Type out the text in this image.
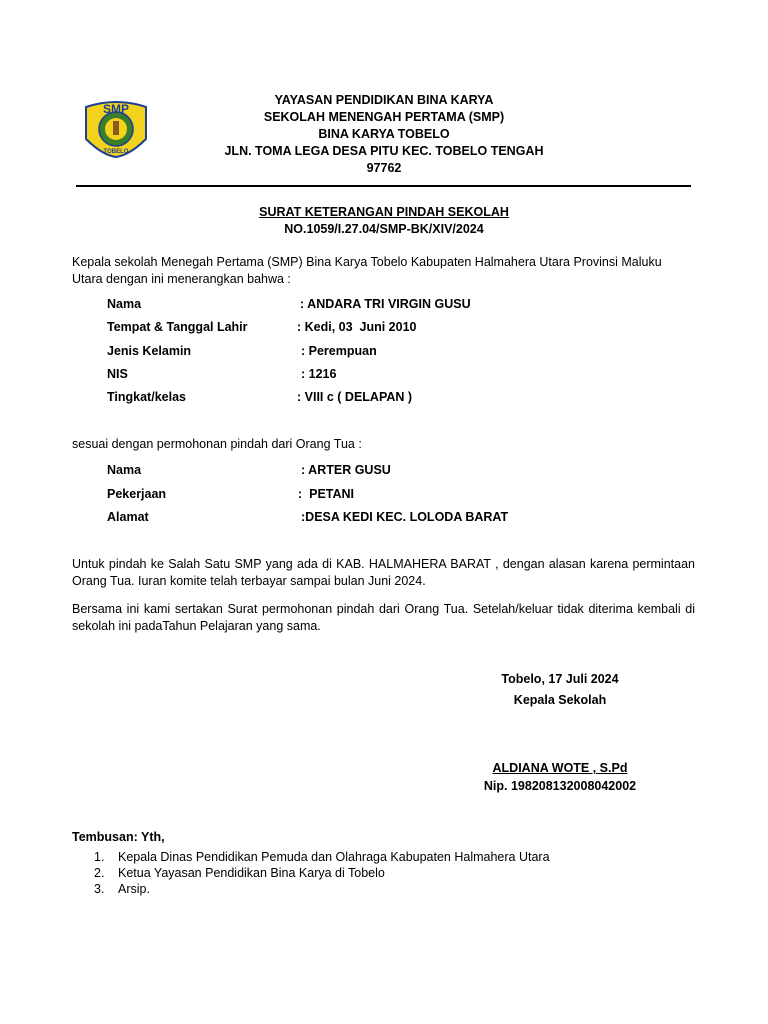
SMP
TOBELO
YAYASAN PENDIDIKAN BINA KARYA
SEKOLAH MENENGAH PERTAMA (SMP)
BINA KARYA TOBELO
JLN. TOMA LEGA DESA PITU KEC. TOBELO TENGAH
97762
SURAT KETERANGAN PINDAH SEKOLAH
NO.1059/I.27.04/SMP-BK/XIV/2024
Kepala sekolah Menegah Pertama (SMP) Bina Karya Tobelo Kabupaten Halmahera Utara Provinsi Maluku Utara dengan ini menerangkan bahwa :
Nama	: ANDARA TRI VIRGIN GUSU
Tempat & Tanggal Lahir	: Kedi, 03  Juni 2010
Jenis Kelamin	: Perempuan
NIS	: 1216
Tingkat/kelas	: VIII c ( DELAPAN )
sesuai dengan permohonan pindah dari Orang Tua :
Nama	: ARTER GUSU
Pekerjaan	:  PETANI
Alamat	:DESA KEDI KEC. LOLODA BARAT
Untuk pindah ke Salah Satu SMP yang ada di KAB. HALMAHERA BARAT , dengan alasan karena permintaan Orang Tua. Iuran komite telah terbayar sampai bulan Juni 2024.
Bersama ini kami sertakan Surat permohonan pindah dari Orang Tua. Setelah/keluar tidak diterima kembali di sekolah ini padaTahun Pelajaran yang sama.
Tobelo, 17 Juli 2024
Kepala Sekolah
ALDIANA WOTE , S.Pd
Nip. 198208132008042002
Tembusan: Yth,
1. Kepala Dinas Pendidikan Pemuda dan Olahraga Kabupaten Halmahera Utara
2. Ketua Yayasan Pendidikan Bina Karya di Tobelo
3. Arsip.
